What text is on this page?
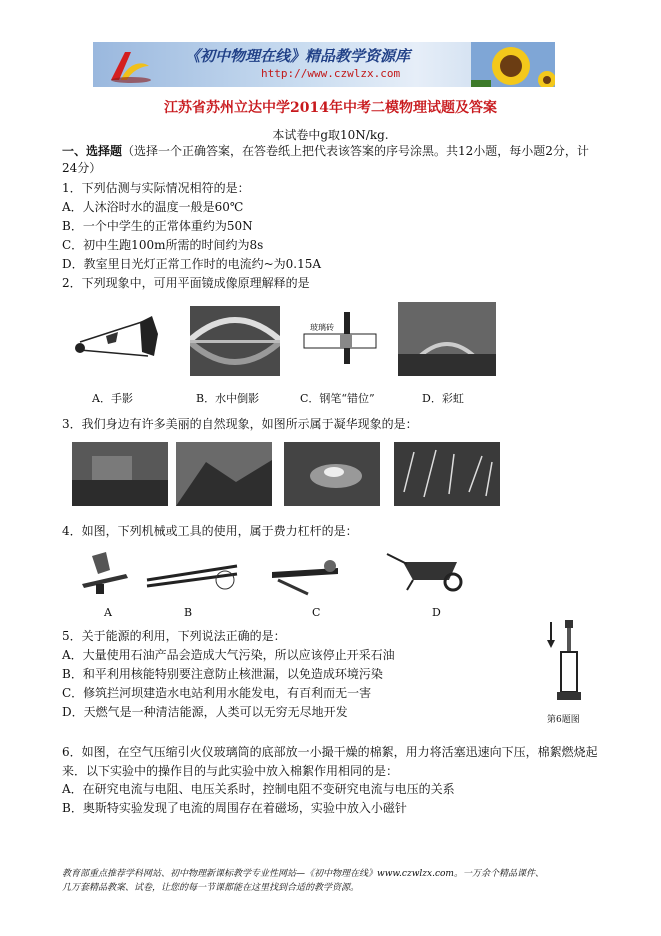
《初中物理在线》精品教学资源库
http://www.czwlzx.com
江苏省苏州立达中学2014年中考二模物理试题及答案
本试卷中g取10N/kg.
一、选择题（选择一个正确答案，在答卷纸上把代表该答案的序号涂黑。共12小题，每小题2分，计
24分）
1．下列估测与实际情况相符的是：
A．人沐浴时水的温度一般是60℃
B．一个中学生的正常体重约为50N
C．初中生跑100m所需的时间约为8s
D．教室里日光灯正常工作时的电流约~为0.15A
2．下列现象中，可用平面镜成像原理解释的是
玻璃砖
A．手影	B．水中倒影	C．钢笔“错位”	D．彩虹
3．我们身边有许多美丽的自然现象，如图所示属于凝华现象的是：
4．如图，下列机械或工具的使用，属于费力杠杆的是：
A	B	C	D
5．关于能源的利用，下列说法正确的是：
A．大量使用石油产品会造成大气污染，所以应该停止开采石油
B．和平利用核能特别要注意防止核泄漏，以免造成环境污染
C．修筑拦河坝建造水电站利用水能发电，有百利而无一害
D．天燃气是一种清洁能源，人类可以无穷无尽地开发
第6题图
6．如图，在空气压缩引火仪玻璃筒的底部放一小撮干燥的棉絮，用力将活塞迅速向下压，棉絮燃烧起
来．以下实验中的操作目的与此实验中放入棉絮作用相同的是：
A．在研究电流与电阻、电压关系时，控制电阻不变研究电流与电压的关系
B．奥斯特实验发现了电流的周围存在着磁场，实验中放入小磁针
教育部重点推荐学科网站、初中物理新课标教学专业性网站—《初中物理在线》www.czwlzx.com。一万余个精品课件、
几万套精品教案、试卷，让您的每一节课都能在这里找到合适的教学资源。
